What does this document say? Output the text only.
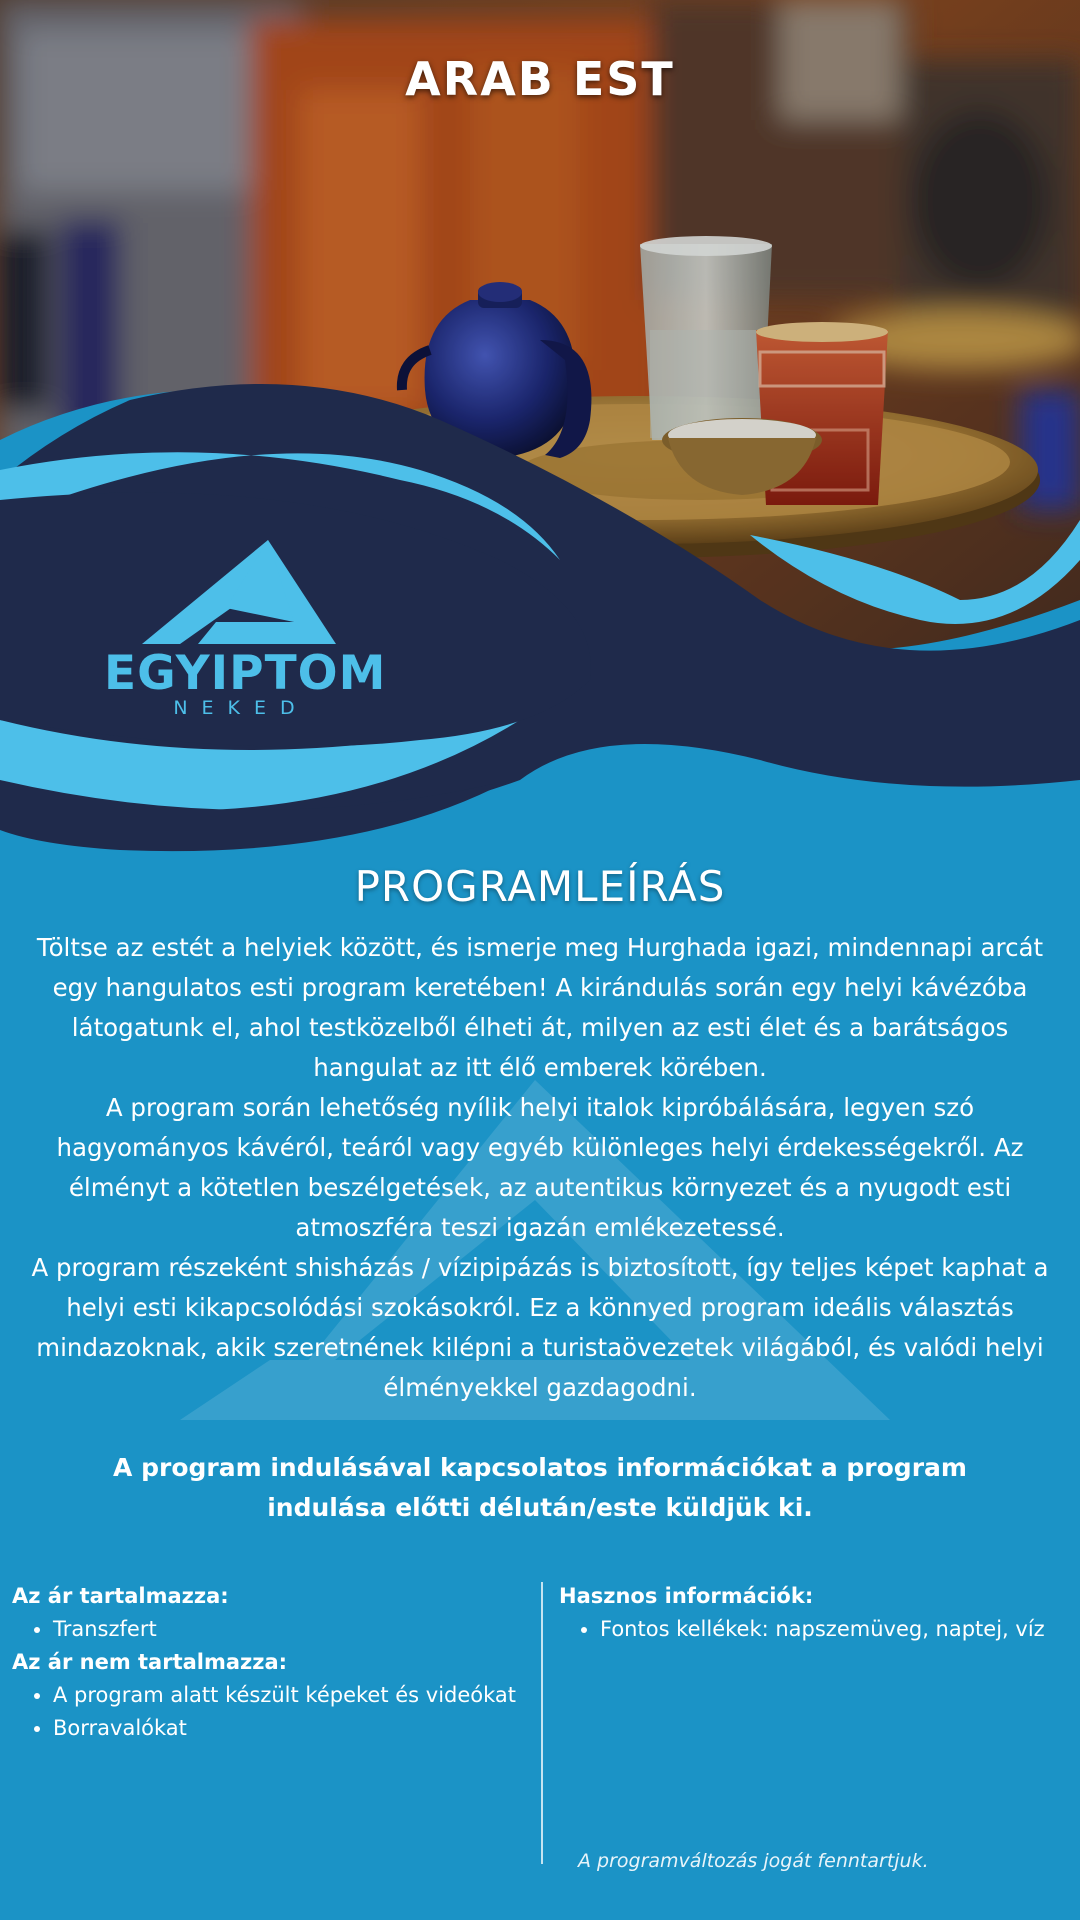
ARAB EST
EGYIPTOM
NEKED
PROGRAMLEÍRÁS

Töltse az estét a helyiek között, és ismerje meg Hurghada igazi, mindennapi arcát egy hangulatos esti program keretében! A kirándulás során egy helyi kávézóba látogatunk el, ahol testközelből élheti át, milyen az esti élet és a barátságos hangulat az itt élő emberek körében.

A program során lehetőség nyílik helyi italok kipróbálására, legyen szó hagyományos kávéról, teáról vagy egyéb különleges helyi érdekességekről. Az élményt a kötetlen beszélgetések, az autentikus környezet és a nyugodt esti atmoszféra teszi igazán emlékezetessé.

A program részeként shisházás / vízipipázás is biztosított, így teljes képet kaphat a helyi esti kikapcsolódási szokásokról. Ez a könnyed program ideális választás mindazoknak, akik szeretnének kilépni a turistaövezetek világából, és valódi helyi élményekkel gazdagodni.

A program indulásával kapcsolatos információkat a program indulása előtti délután/este küldjük ki.

Az ár tartalmazza:

• Transzfert

Az ár nem tartalmazza:

• A program alatt készült képeket és videókat
• Borravalókat

Hasznos információk:

• Fontos kellékek: napszemüveg, naptej, víz
A programváltozás jogát fenntartjuk.
